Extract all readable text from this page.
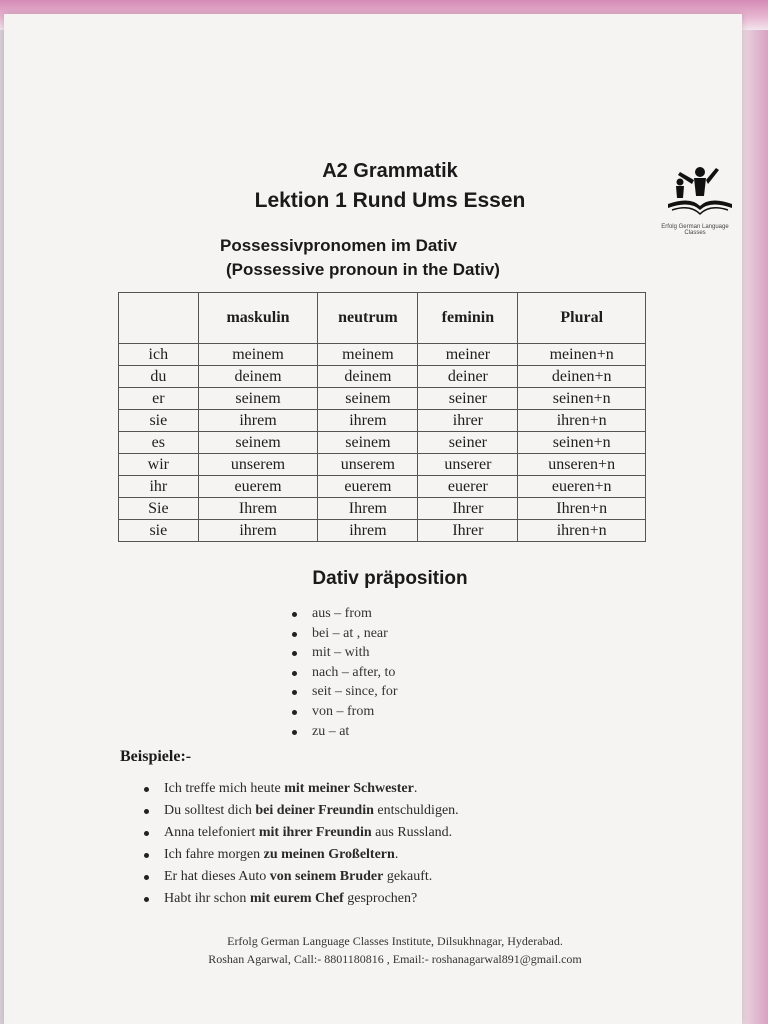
A2 Grammatik
Lektion 1 Rund Ums Essen
Erfolg German Language Classes
Possessivpronomen im Dativ
(Possessive pronoun in the Dativ)
	maskulin	neutrum	feminin	Plural
ich	meinem	meinem	meiner	meinen+n
du	deinem	deinem	deiner	deinen+n
er	seinem	seinem	seiner	seinen+n
sie	ihrem	ihrem	ihrer	ihren+n
es	seinem	seinem	seiner	seinen+n
wir	unserem	unserem	unserer	unseren+n
ihr	euerem	euerem	euerer	eueren+n
Sie	Ihrem	Ihrem	Ihrer	Ihren+n
sie	ihrem	ihrem	Ihrer	ihren+n
Dativ präposition
aus – from
bei – at , near
mit – with
nach – after, to
seit – since, for
von – from
zu – at
Beispiele:-
Ich treffe mich heute mit meiner Schwester.
Du solltest dich bei deiner Freundin entschuldigen.
Anna telefoniert mit ihrer Freundin aus Russland.
Ich fahre morgen zu meinen Großeltern.
Er hat dieses Auto von seinem Bruder gekauft.
Habt ihr schon mit eurem Chef gesprochen?
Erfolg German Language Classes Institute, Dilsukhnagar, Hyderabad.
Roshan Agarwal, Call:- 8801180816 , Email:- roshanagarwal891@gmail.com
